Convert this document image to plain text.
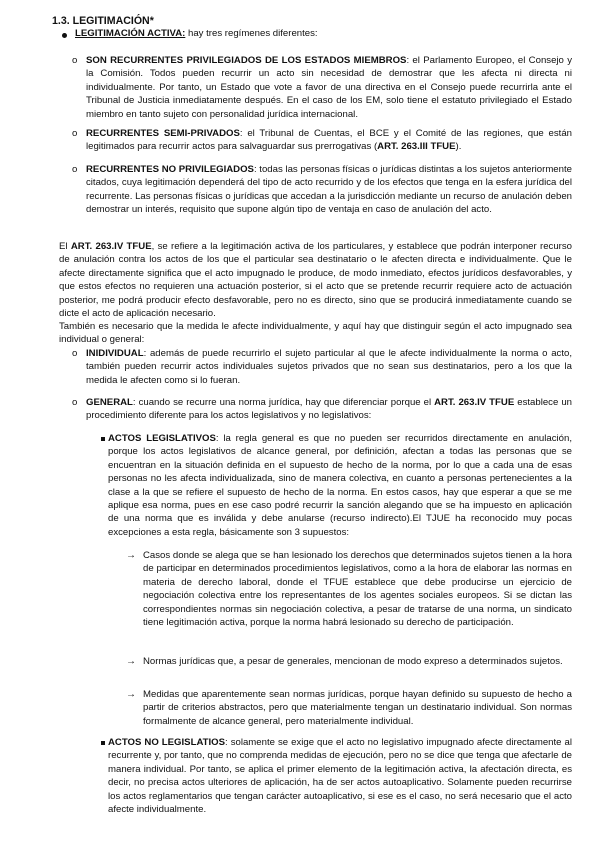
1.3. LEGITIMACIÓN*
LEGITIMACIÓN ACTIVA: hay tres regímenes diferentes:
o SON RECURRENTES PRIVILEGIADOS DE LOS ESTADOS MIEMBROS: el Parlamento Europeo, el Consejo y la Comisión. Todos pueden recurrir un acto sin necesidad de demostrar que les afecta ni directa ni individualmente. Por tanto, un Estado que vote a favor de una directiva en el Consejo puede recurrirla ante el Tribunal de Justicia inmediatamente después. En el caso de los EM, solo tiene el estatuto privilegiado el Estado miembro en tanto sujeto con personalidad jurídica internacional.
o RECURRENTES SEMI-PRIVADOS: el Tribunal de Cuentas, el BCE y el Comité de las regiones, que están legitimados para recurrir actos para salvaguardar sus prerrogativas (ART. 263.III TFUE).
o RECURRENTES NO PRIVILEGIADOS: todas las personas físicas o jurídicas distintas a los sujetos anteriormente citados, cuya legitimación dependerá del tipo de acto recurrido y de los efectos que tenga en la esfera jurídica del recurrente. Las personas físicas o jurídicas que accedan a la jurisdicción mediante un recurso de anulación deben demostrar un interés, requisito que supone algún tipo de ventaja en caso de anulación del acto.
El ART. 263.IV TFUE, se refiere a la legitimación activa de los particulares, y establece que podrán interponer recurso de anulación contra los actos de los que el particular sea destinatario o le afecten directa e individualmente. Que le afecte directamente significa que el acto impugnado le produce, de modo inmediato, efectos jurídicos desfavorables, y que estos efectos no requieren una actuación posterior, si el acto que se pretende recurrir requiere acto de actuación posterior, me podrá producir efecto desfavorable, pero no es directo, sino que se producirá inmediatamente cuando se dicte el acto de aplicación necesario.
También es necesario que la medida le afecte individualmente, y aquí hay que distinguir según el acto impugnado sea individual o general:
o INIDIVIDUAL: además de puede recurrirlo el sujeto particular al que le afecte individualmente la norma o acto, también pueden recurrir actos individuales sujetos privados que no sean sus destinatarios, pero a los que la medida le afecten como si lo fueran.
o GENERAL: cuando se recurre una norma jurídica, hay que diferenciar porque el ART. 263.IV TFUE establece un procedimiento diferente para los actos legislativos y no legislativos:
ACTOS LEGISLATIVOS: la regla general es que no pueden ser recurridos directamente en anulación, porque los actos legislativos de alcance general, por definición, afectan a todas las personas que se encuentran en la situación definida en el supuesto de hecho de la norma, por lo que a cada una de esas personas no les afecta individualizada, sino de manera colectiva, en cuanto a personas pertenecientes a la clase a la que se refiere el supuesto de hecho de la norma. En estos casos, hay que esperar a que se me aplique esa norma, pues en ese caso podré recurrir la sanción alegando que se ha impuesto en aplicación de una norma que es inválida y debe anularse (recurso indirecto).El TJUE ha reconocido muy pocas excepciones a esta regla, básicamente son 3 supuestos:
→ Casos donde se alega que se han lesionado los derechos que determinados sujetos tienen a la hora de participar en determinados procedimientos legislativos, como a la hora de elaborar las normas en materia de derecho laboral, donde el TFUE establece que debe producirse un ejercicio de negociación colectiva entre los representantes de los agentes sociales europeos. Si se dictan las correspondientes normas sin negociación colectiva, a pesar de tratarse de una norma, un sindicato tiene legitimación activa, porque la norma habrá lesionado su derecho de participación.
→ Normas jurídicas que, a pesar de generales, mencionan de modo expreso a determinados sujetos.
→ Medidas que aparentemente sean normas jurídicas, porque hayan definido su supuesto de hecho a partir de criterios abstractos, pero que materialmente tengan un destinatario individual. Son normas formalmente de alcance general, pero materialmente individual.
ACTOS NO LEGISLATIOS: solamente se exige que el acto no legislativo impugnado afecte directamente al recurrente y, por tanto, que no comprenda medidas de ejecución, pero no se dice que tenga que afectarle de manera individual. Por tanto, se aplica el primer elemento de la legitimación activa, la afectación directa, es decir, no precisa actos ulteriores de aplicación, ha de ser actos autoaplicativo. Solamente pueden recurrirse los actos reglamentarios que tengan carácter autoaplicativo, si ese es el caso, no será necesario que el acto afecte individualmente.
